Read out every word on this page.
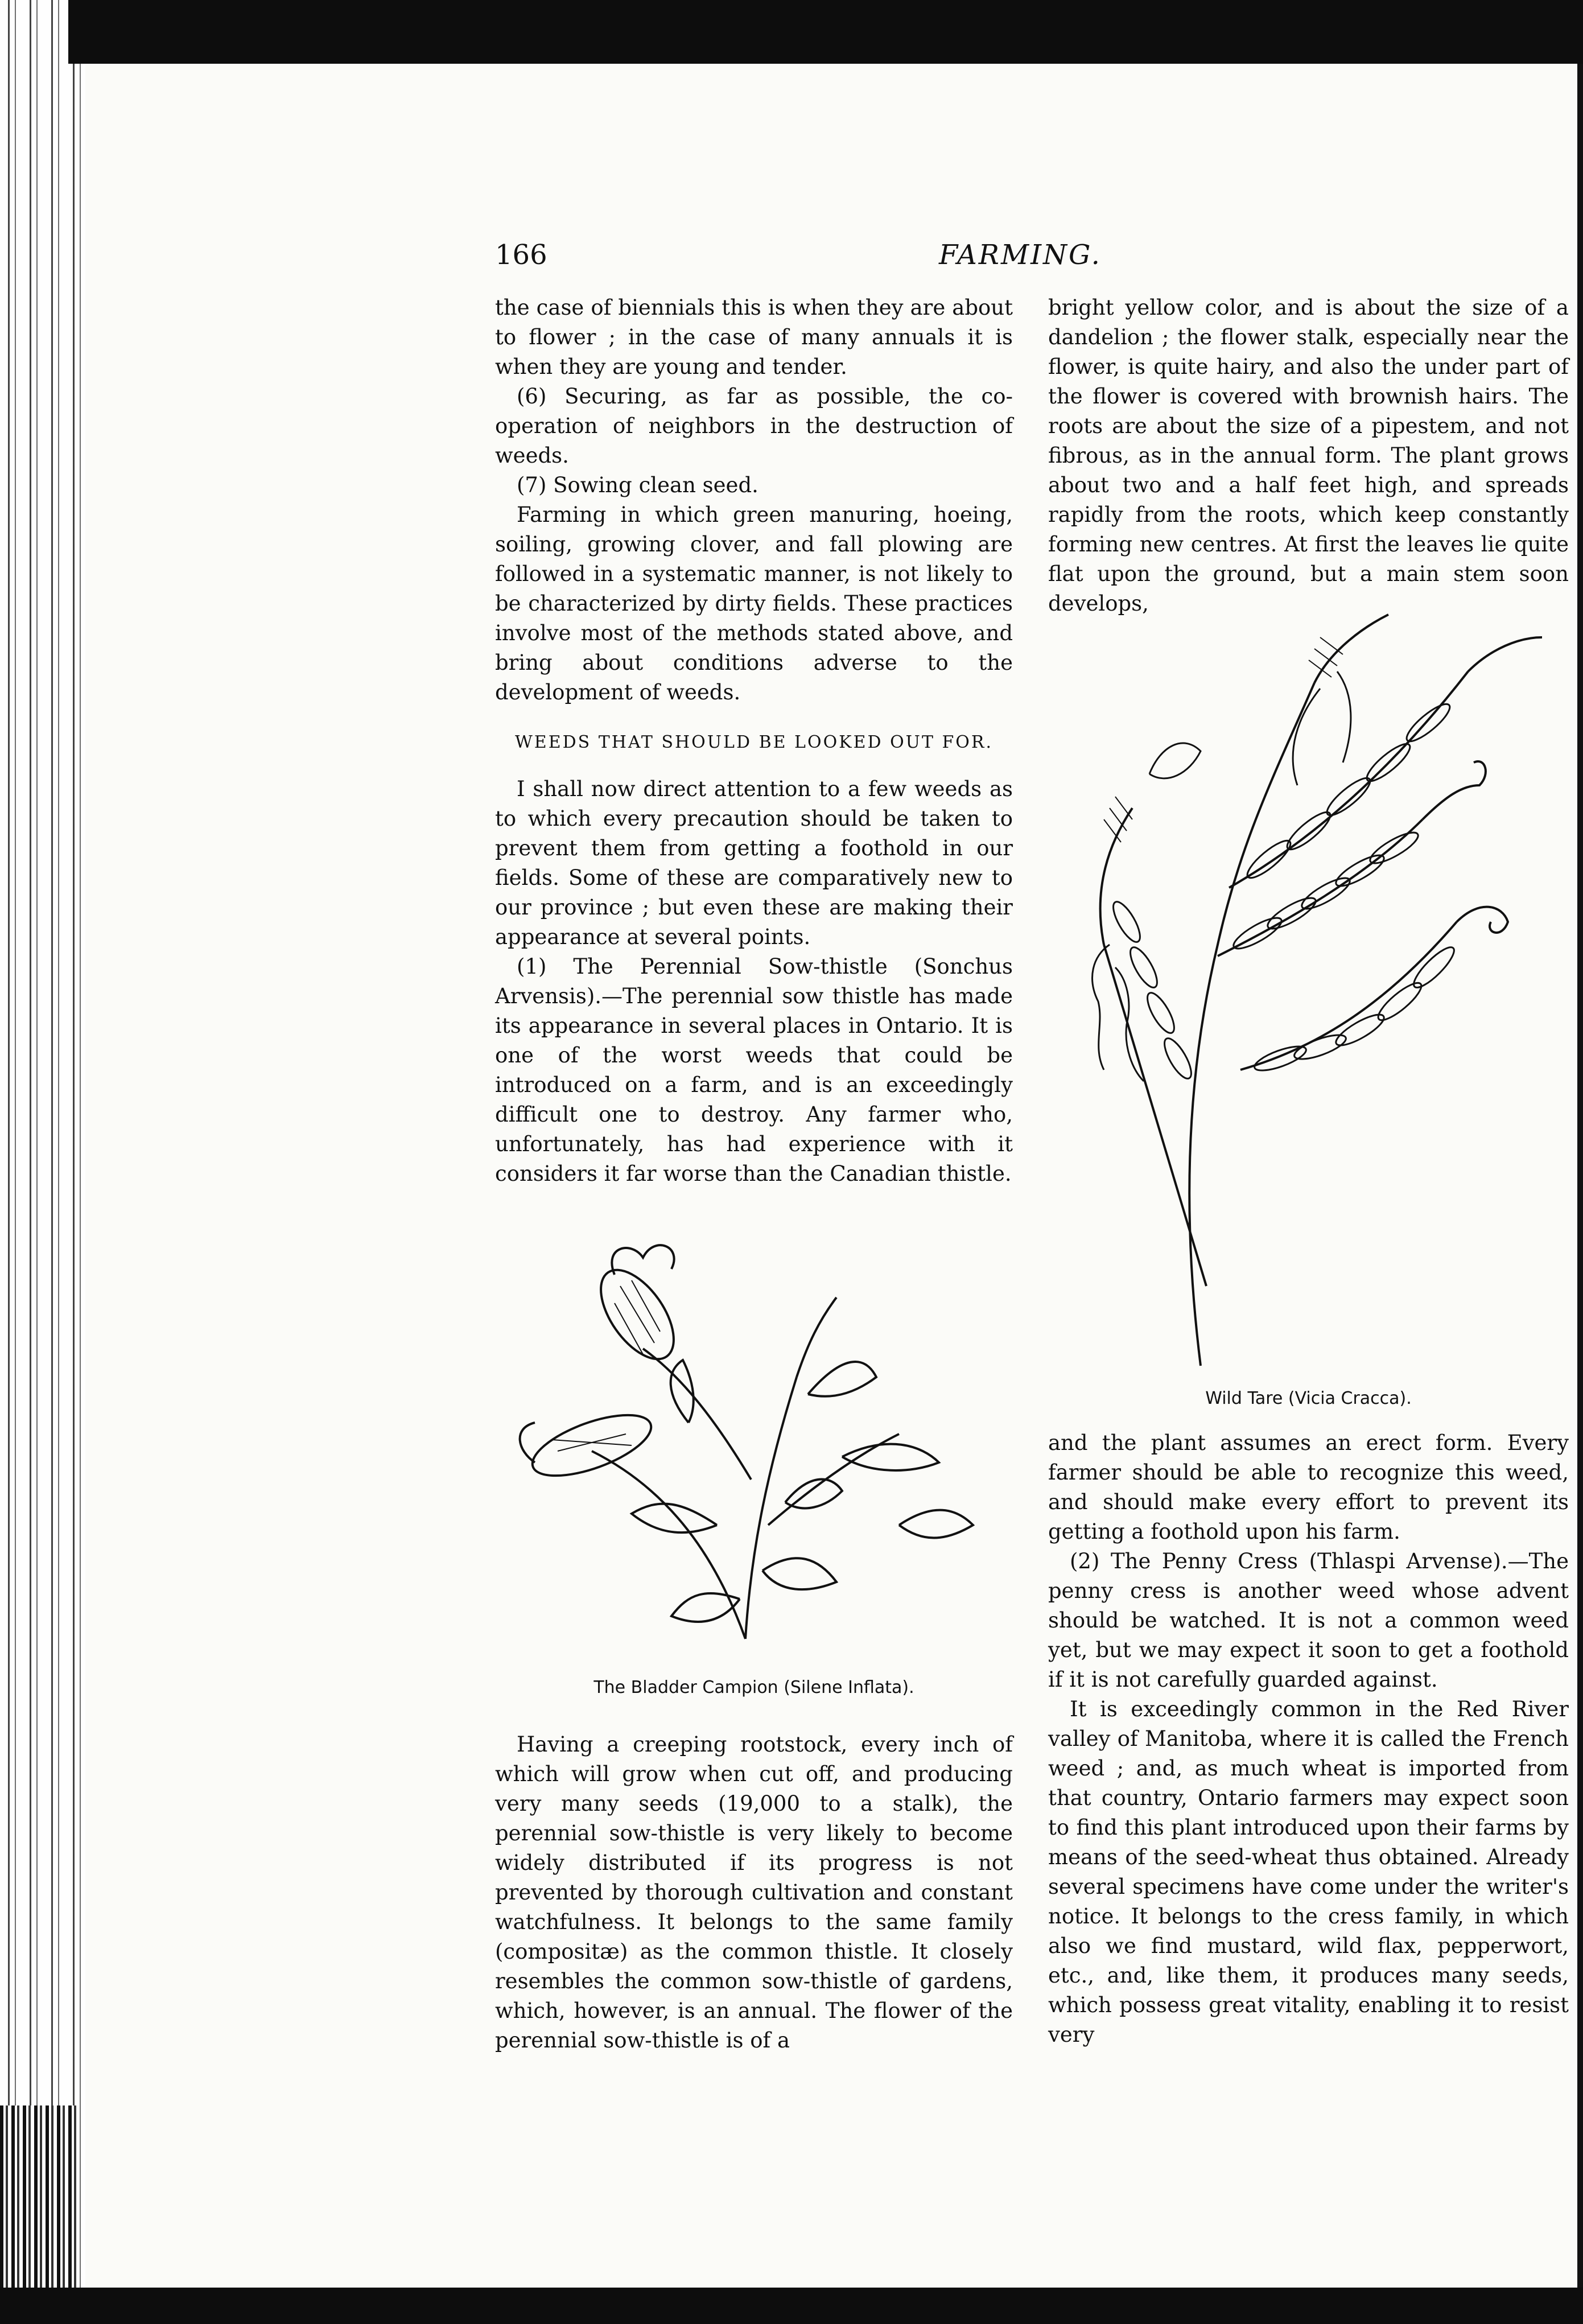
166	FARMING.

the case of biennials this is when they are about to flower ; in the case of many annuals it is when they are young and tender.

(6) Securing, as far as possible, the co-operation of neighbors in the destruction of weeds.

(7) Sowing clean seed.

Farming in which green manuring, hoeing, soiling, growing clover, and fall plowing are followed in a systematic manner, is not likely to be characterized by dirty fields. These practices involve most of the methods stated above, and bring about conditions adverse to the development of weeds.

WEEDS THAT SHOULD BE LOOKED OUT FOR.

I shall now direct attention to a few weeds as to which every precaution should be taken to prevent them from getting a foothold in our fields. Some of these are comparatively new to our province ; but even these are making their appearance at several points.

(1) The Perennial Sow-thistle (Sonchus Arvensis).—The perennial sow thistle has made its appearance in several places in Ontario. It is one of the worst weeds that could be introduced on a farm, and is an exceedingly difficult one to destroy. Any farmer who, unfortunately, has had experience with it considers it far worse than the Canadian thistle.

The Bladder Campion (Silene Inflata).

Having a creeping rootstock, every inch of which will grow when cut off, and producing very many seeds (19,000 to a stalk), the perennial sow-thistle is very likely to become widely distributed if its progress is not prevented by thorough cultivation and constant watchfulness. It belongs to the same family (compositæ) as the common thistle. It closely resembles the common sow-thistle of gardens, which, however, is an annual. The flower of the perennial sow-thistle is of a

bright yellow color, and is about the size of a dandelion ; the flower stalk, especially near the flower, is quite hairy, and also the under part of the flower is covered with brownish hairs. The roots are about the size of a pipestem, and not fibrous, as in the annual form. The plant grows about two and a half feet high, and spreads rapidly from the roots, which keep constantly forming new centres. At first the leaves lie quite flat upon the ground, but a main stem soon develops,

Wild Tare (Vicia Cracca).

and the plant assumes an erect form. Every farmer should be able to recognize this weed, and should make every effort to prevent its getting a foothold upon his farm.

(2) The Penny Cress (Thlaspi Arvense).—The penny cress is another weed whose advent should be watched. It is not a common weed yet, but we may expect it soon to get a foothold if it is not carefully guarded against.

It is exceedingly common in the Red River valley of Manitoba, where it is called the French weed ; and, as much wheat is imported from that country, Ontario farmers may expect soon to find this plant introduced upon their farms by means of the seed-wheat thus obtained. Already several specimens have come under the writer's notice. It belongs to the cress family, in which also we find mustard, wild flax, pepperwort, etc., and, like them, it produces many seeds, which possess great vitality, enabling it to resist very
